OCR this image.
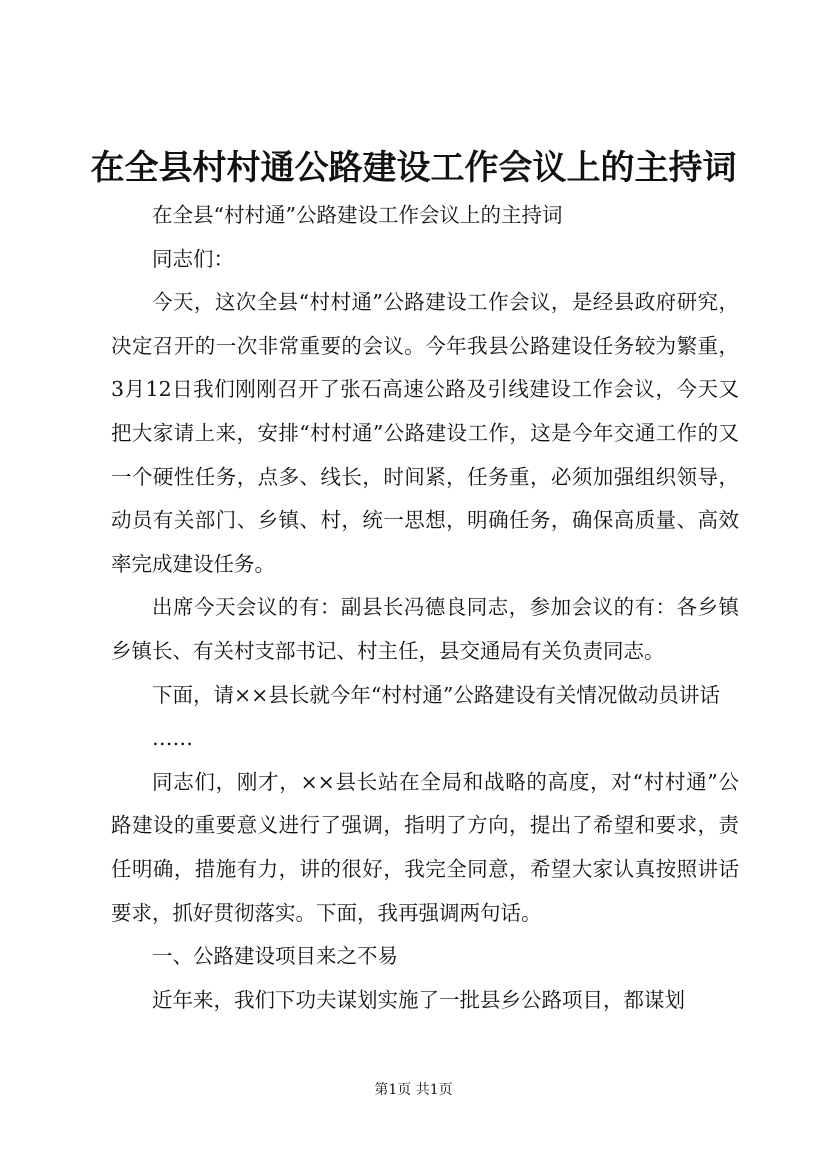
在全县村村通公路建设工作会议上的主持词

在全县“村村通”公路建设工作会议上的主持词

同志们：

今天，这次全县“村村通”公路建设工作会议，是经县政府研究，决定召开的一次非常重要的会议。今年我县公路建设任务较为繁重，3月12日我们刚刚召开了张石高速公路及引线建设工作会议，今天又把大家请上来，安排“村村通”公路建设工作，这是今年交通工作的又一个硬性任务，点多、线长，时间紧，任务重，必须加强组织领导，动员有关部门、乡镇、村，统一思想，明确任务，确保高质量、高效率完成建设任务。

出席今天会议的有：副县长冯德良同志，参加会议的有：各乡镇乡镇长、有关村支部书记、村主任，县交通局有关负责同志。

下面，请××县长就今年“村村通”公路建设有关情况做动员讲话

……

同志们，刚才，××县长站在全局和战略的高度，对“村村通”公路建设的重要意义进行了强调，指明了方向，提出了希望和要求，责任明确，措施有力，讲的很好，我完全同意，希望大家认真按照讲话要求，抓好贯彻落实。下面，我再强调两句话。

一、公路建设项目来之不易

近年来，我们下功夫谋划实施了一批县乡公路项目，都谋划

第1页 共1页
